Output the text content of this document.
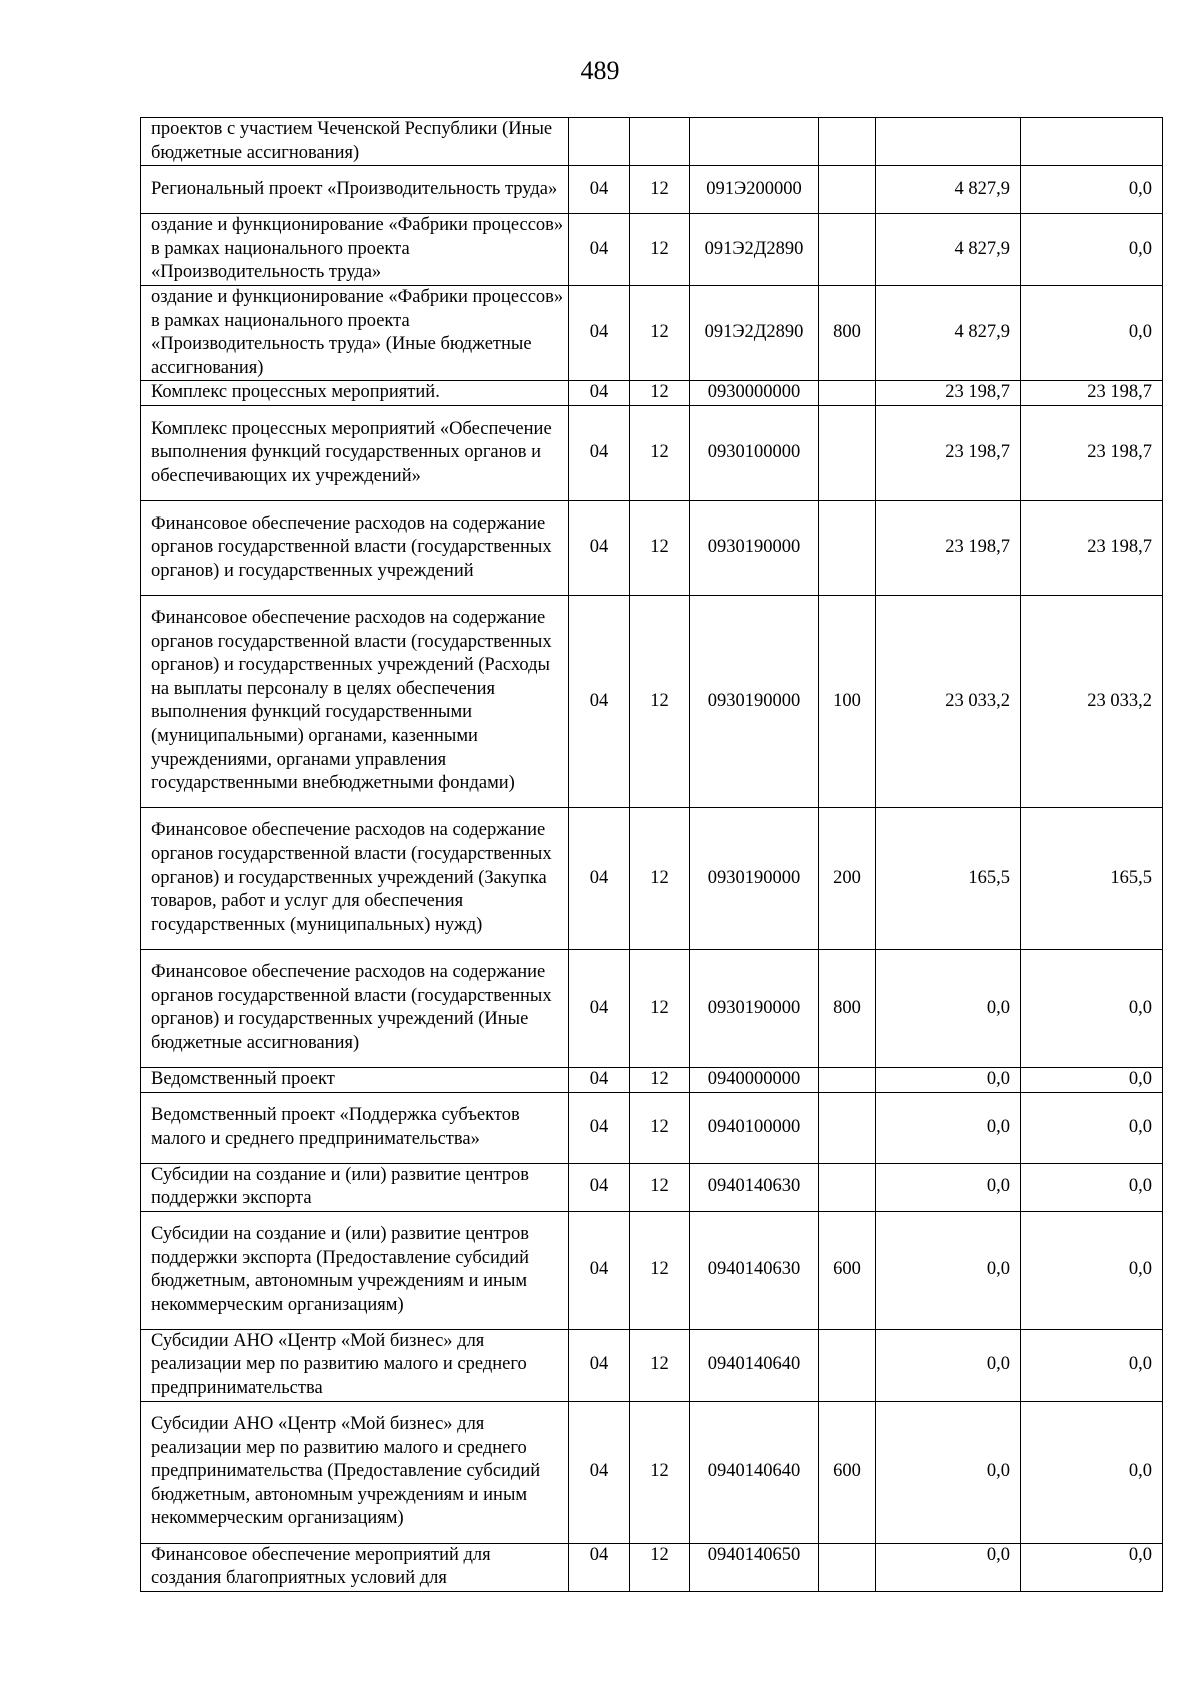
489
проектов с участием Чеченской Республики (Иные бюджетные ассигнования)						
Региональный проект «Производительность труда»	04	12	091Э200000		4 827,9	0,0
оздание и функционирование «Фабрики процессов» в рамках национального проекта «Производительность труда»	04	12	091Э2Д2890		4 827,9	0,0
оздание и функционирование «Фабрики процессов» в рамках национального проекта «Производительность труда» (Иные бюджетные ассигнования)	04	12	091Э2Д2890	800	4 827,9	0,0
Комплекс процессных мероприятий.	04	12	0930000000		23 198,7	23 198,7
Комплекс процессных мероприятий «Обеспечение выполнения функций государственных органов и обеспечивающих их учреждений»	04	12	0930100000		23 198,7	23 198,7
Финансовое обеспечение расходов на содержание органов государственной власти (государственных органов) и государственных учреждений	04	12	0930190000		23 198,7	23 198,7
Финансовое обеспечение расходов на содержание органов государственной власти (государственных органов) и государственных учреждений (Расходы на выплаты персоналу в целях обеспечения выполнения функций государственными (муниципальными) органами, казенными учреждениями, органами управления государственными внебюджетными фондами)	04	12	0930190000	100	23 033,2	23 033,2
Финансовое обеспечение расходов на содержание органов государственной власти (государственных органов) и государственных учреждений (Закупка товаров, работ и услуг для обеспечения государственных (муниципальных) нужд)	04	12	0930190000	200	165,5	165,5
Финансовое обеспечение расходов на содержание органов государственной власти (государственных органов) и государственных учреждений (Иные бюджетные ассигнования)	04	12	0930190000	800	0,0	0,0
Ведомственный проект	04	12	0940000000		0,0	0,0
Ведомственный проект «Поддержка субъектов малого и среднего предпринимательства»	04	12	0940100000		0,0	0,0
Субсидии на создание и (или) развитие центров поддержки экспорта	04	12	0940140630		0,0	0,0
Субсидии на создание и (или) развитие центров поддержки экспорта (Предоставление субсидий бюджетным, автономным учреждениям и иным некоммерческим организациям)	04	12	0940140630	600	0,0	0,0
Субсидии АНО «Центр «Мой бизнес» для реализации мер по развитию малого и среднего предпринимательства	04	12	0940140640		0,0	0,0
Субсидии АНО «Центр «Мой бизнес» для реализации мер по развитию малого и среднего предпринимательства (Предоставление субсидий бюджетным, автономным учреждениям и иным некоммерческим организациям)	04	12	0940140640	600	0,0	0,0
Финансовое обеспечение мероприятий для создания благоприятных условий для	04	12	0940140650		0,0	0,0
